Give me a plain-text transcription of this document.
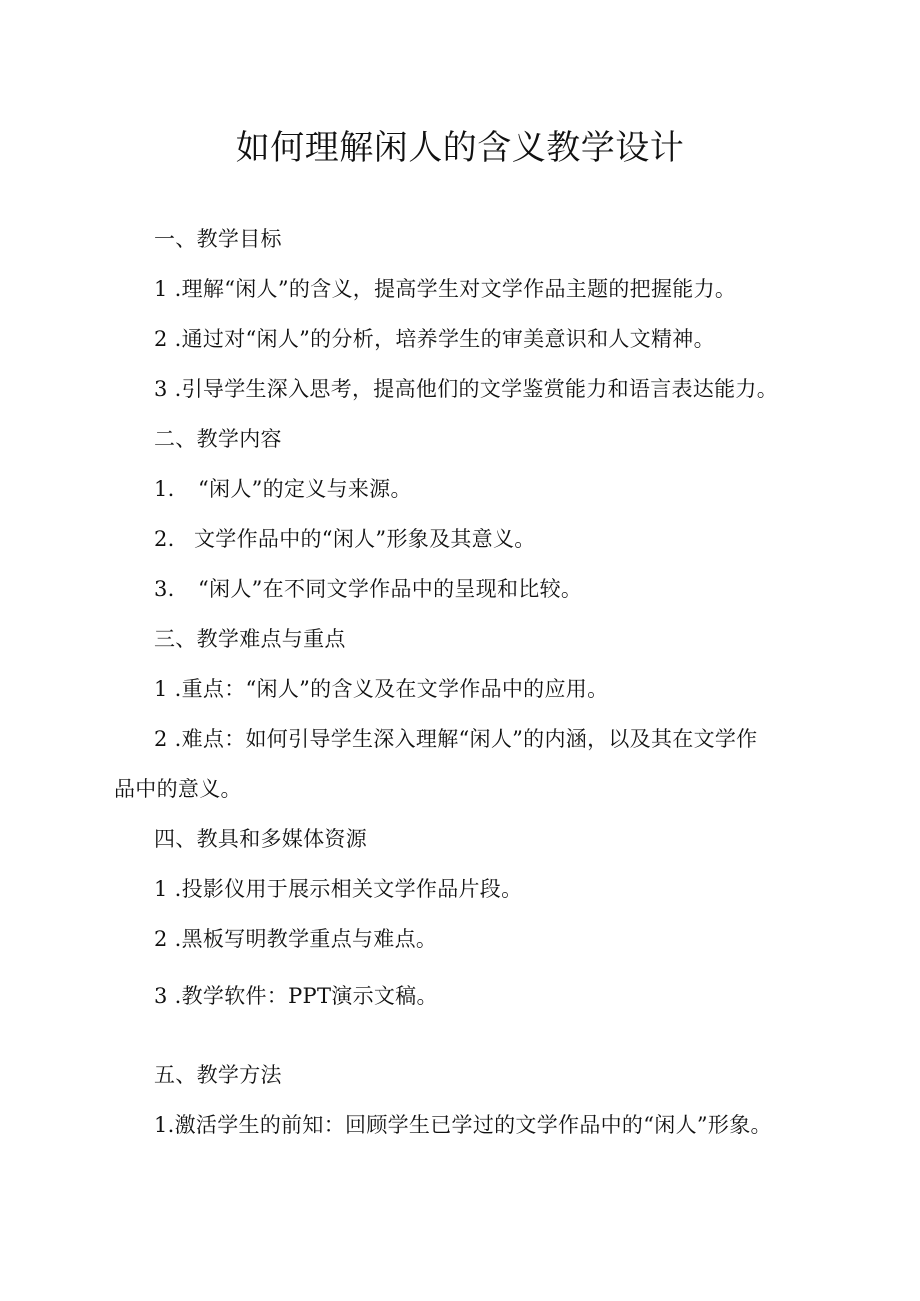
如何理解闲人的含义教学设计
一、教学目标
1 .理解“闲人”的含义，提高学生对文学作品主题的把握能力。
2 .通过对“闲人”的分析，培养学生的审美意识和人文精神。
3 .引导学生深入思考，提高他们的文学鉴赏能力和语言表达能力。
二、教学内容
1. “闲人”的定义与来源。
2. 文学作品中的“闲人”形象及其意义。
3. “闲人”在不同文学作品中的呈现和比较。
三、教学难点与重点
1 .重点：“闲人”的含义及在文学作品中的应用。
2 .难点：如何引导学生深入理解“闲人”的内涵，以及其在文学作
品中的意义。
四、教具和多媒体资源
1 .投影仪用于展示相关文学作品片段。
2 .黑板写明教学重点与难点。
3 .教学软件：PPT演示文稿。
五、教学方法
1.激活学生的前知：回顾学生已学过的文学作品中的“闲人”形象。
